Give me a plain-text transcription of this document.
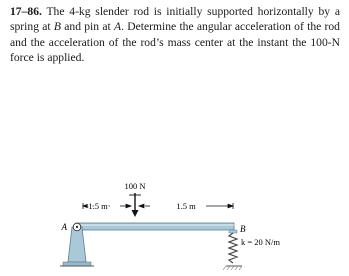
17–86. The 4-kg slender rod is initially supported horizontally by a spring at B and pin at A. Determine the angular acceleration of the rod and the acceleration of the rod’s mass center at the instant the 100-N force is applied.
100 N
1.5 m	1.5 m
A	B
k = 20 N/m
